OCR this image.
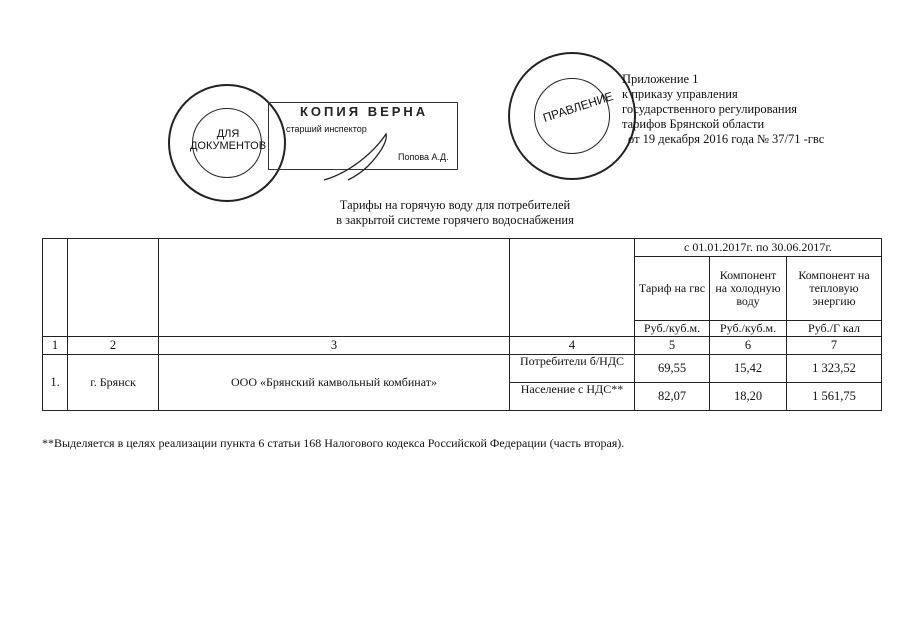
ДЛЯ ДОКУМЕНТОВ
КОПИЯ ВЕРНА
старший инспектор
Попова А.Д.
ПРАВЛЕНИЕ
Приложение 1
к приказу управления
государственного регулирования
тарифов Брянской области
от 19 декабря 2016 года № 37/71 -гвс
Тарифы на горячую воду для потребителей
в закрытой системе горячего водоснабжения
				с 01.01.2017г. по 30.06.2017г.		
				Тариф на гвс	Компонент на холодную воду	Компонент на тепловую энергию
				Руб./куб.м.	Руб./куб.м.	Руб./Г кал
1	2	3	4	5	6	7
1.	г. Брянск	ООО «Брянский камвольный комбинат»	Потребители б/НДС	69,55	15,42	1 323,52
			Население с НДС**	82,07	18,20	1 561,75
**Выделяется в целях реализации пункта 6 статьи 168 Налогового кодекса Российской Федерации (часть вторая).
